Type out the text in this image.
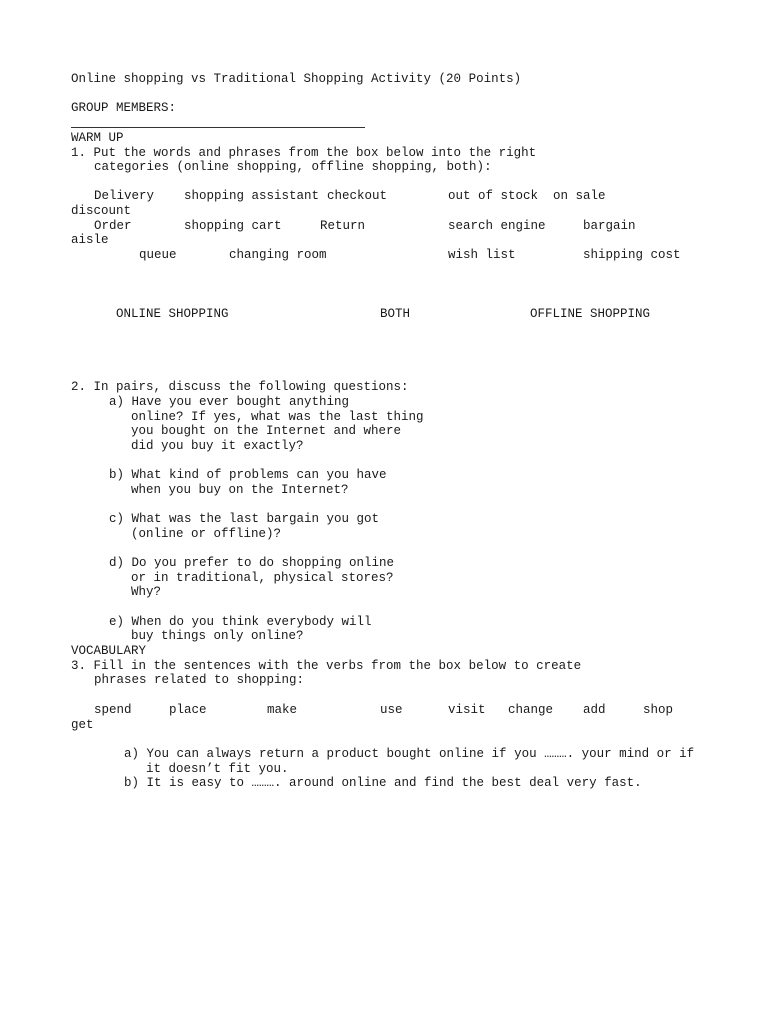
Online shopping vs Traditional Shopping Activity (20 Points)
GROUP MEMBERS:
WARM UP
1. Put the words and phrases from the box below into the right
categories (online shopping, offline shopping, both):
Delivery shopping assistant checkout	out of stock on sale
discount
Order	shopping cart	Return	search engine	bargain
aisle
queue	changing room	wish list	shipping cost
ONLINE SHOPPING	BOTH	OFFLINE SHOPPING
2. In pairs, discuss the following questions:
a) Have you ever bought anything
online? If yes, what was the last thing
you bought on the Internet and where
did you buy it exactly?
b) What kind of problems can you have
when you buy on the Internet?
c) What was the last bargain you got
(online or offline)?
d) Do you prefer to do shopping online
or in traditional, physical stores?
Why?
e) When do you think everybody will
buy things only online?
VOCABULARY
3. Fill in the sentences with the verbs from the box below to create
phrases related to shopping:
spend	place	make	use	visit change add	shop
get
a) You can always return a product bought online if you ………. your mind or if
it doesn’t fit you.
b) It is easy to ………. around online and find the best deal very fast.
